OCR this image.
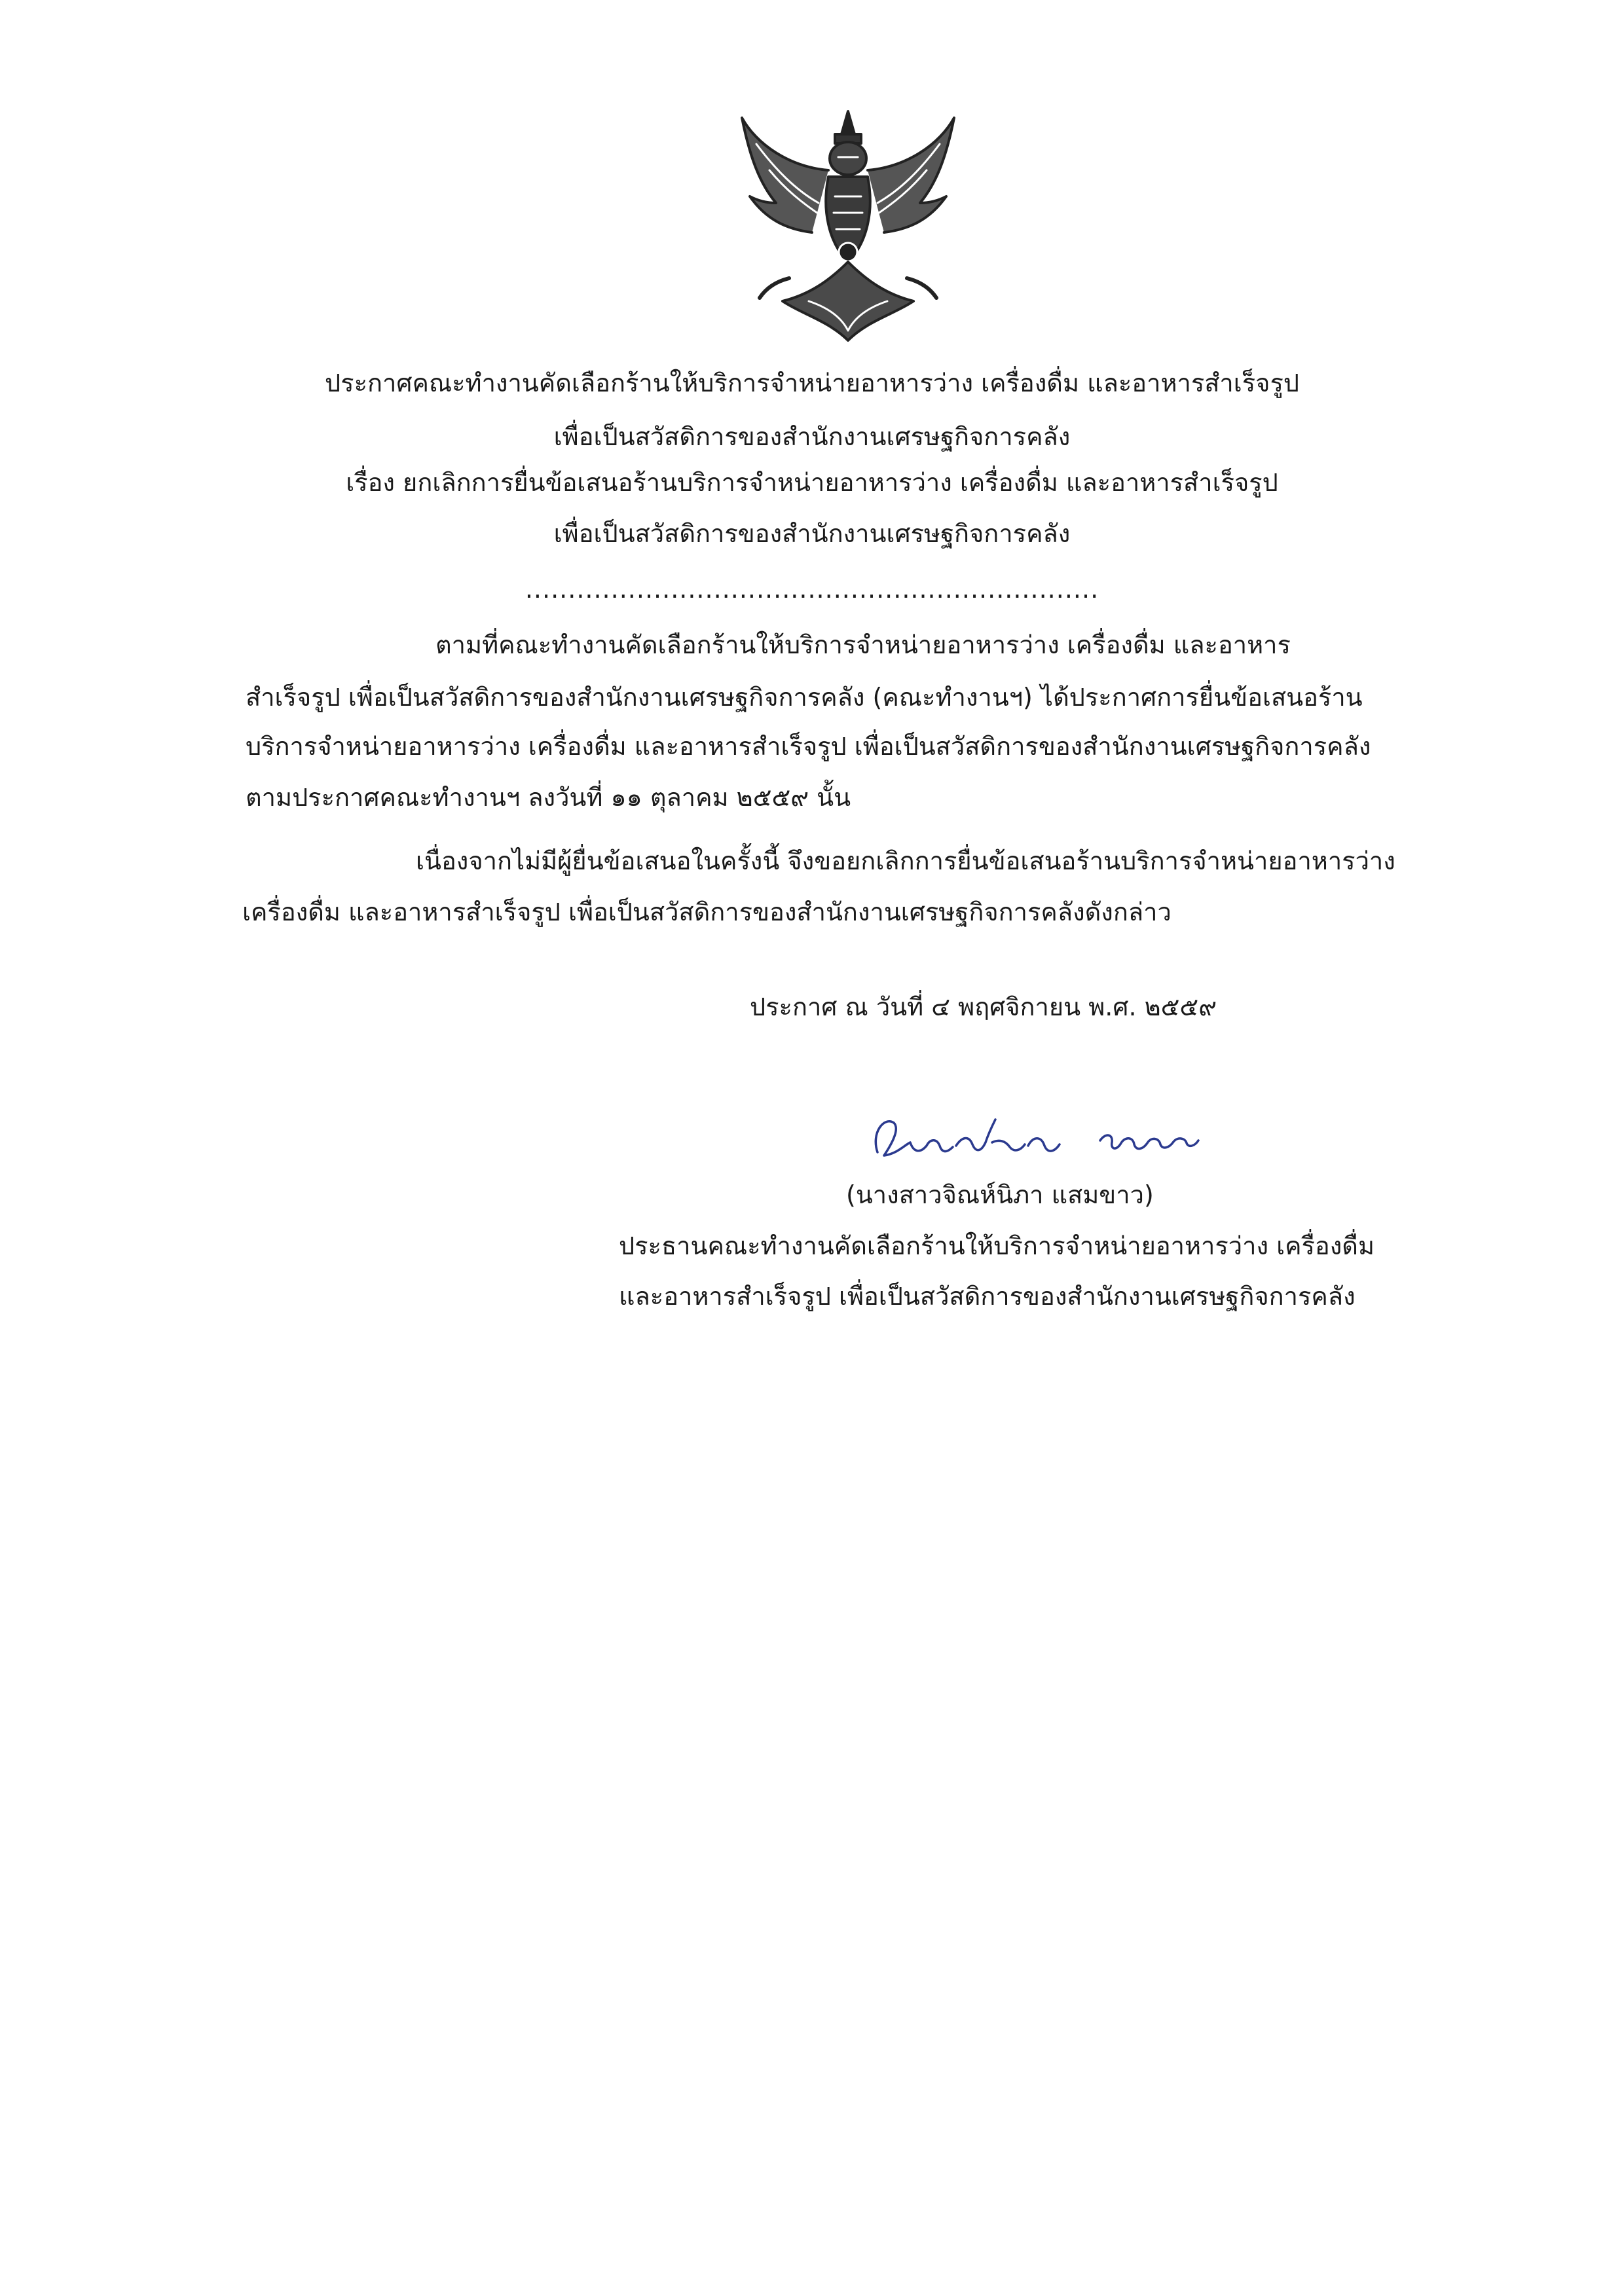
ประกาศคณะทำงานคัดเลือกร้านให้บริการจำหน่ายอาหารว่าง เครื่องดื่ม และอาหารสำเร็จรูป
เพื่อเป็นสวัสดิการของสำนักงานเศรษฐกิจการคลัง
เรื่อง ยกเลิกการยื่นข้อเสนอร้านบริการจำหน่ายอาหารว่าง เครื่องดื่ม และอาหารสำเร็จรูป
เพื่อเป็นสวัสดิการของสำนักงานเศรษฐกิจการคลัง
...................................................................
ตามที่คณะทำงานคัดเลือกร้านให้บริการจำหน่ายอาหารว่าง เครื่องดื่ม และอาหาร
สำเร็จรูป เพื่อเป็นสวัสดิการของสำนักงานเศรษฐกิจการคลัง (คณะทำงานฯ) ได้ประกาศการยื่นข้อเสนอร้าน
บริการจำหน่ายอาหารว่าง เครื่องดื่ม และอาหารสำเร็จรูป เพื่อเป็นสวัสดิการของสำนักงานเศรษฐกิจการคลัง
ตามประกาศคณะทำงานฯ ลงวันที่ ๑๑ ตุลาคม ๒๕๕๙ นั้น
เนื่องจากไม่มีผู้ยื่นข้อเสนอในครั้งนี้ จึงขอยกเลิกการยื่นข้อเสนอร้านบริการจำหน่ายอาหารว่าง
เครื่องดื่ม และอาหารสำเร็จรูป เพื่อเป็นสวัสดิการของสำนักงานเศรษฐกิจการคลังดังกล่าว
ประกาศ ณ วันที่ ๔ พฤศจิกายน พ.ศ. ๒๕๕๙
(นางสาวจิณห์นิภา แสมขาว)
ประธานคณะทำงานคัดเลือกร้านให้บริการจำหน่ายอาหารว่าง เครื่องดื่ม
และอาหารสำเร็จรูป เพื่อเป็นสวัสดิการของสำนักงานเศรษฐกิจการคลัง
